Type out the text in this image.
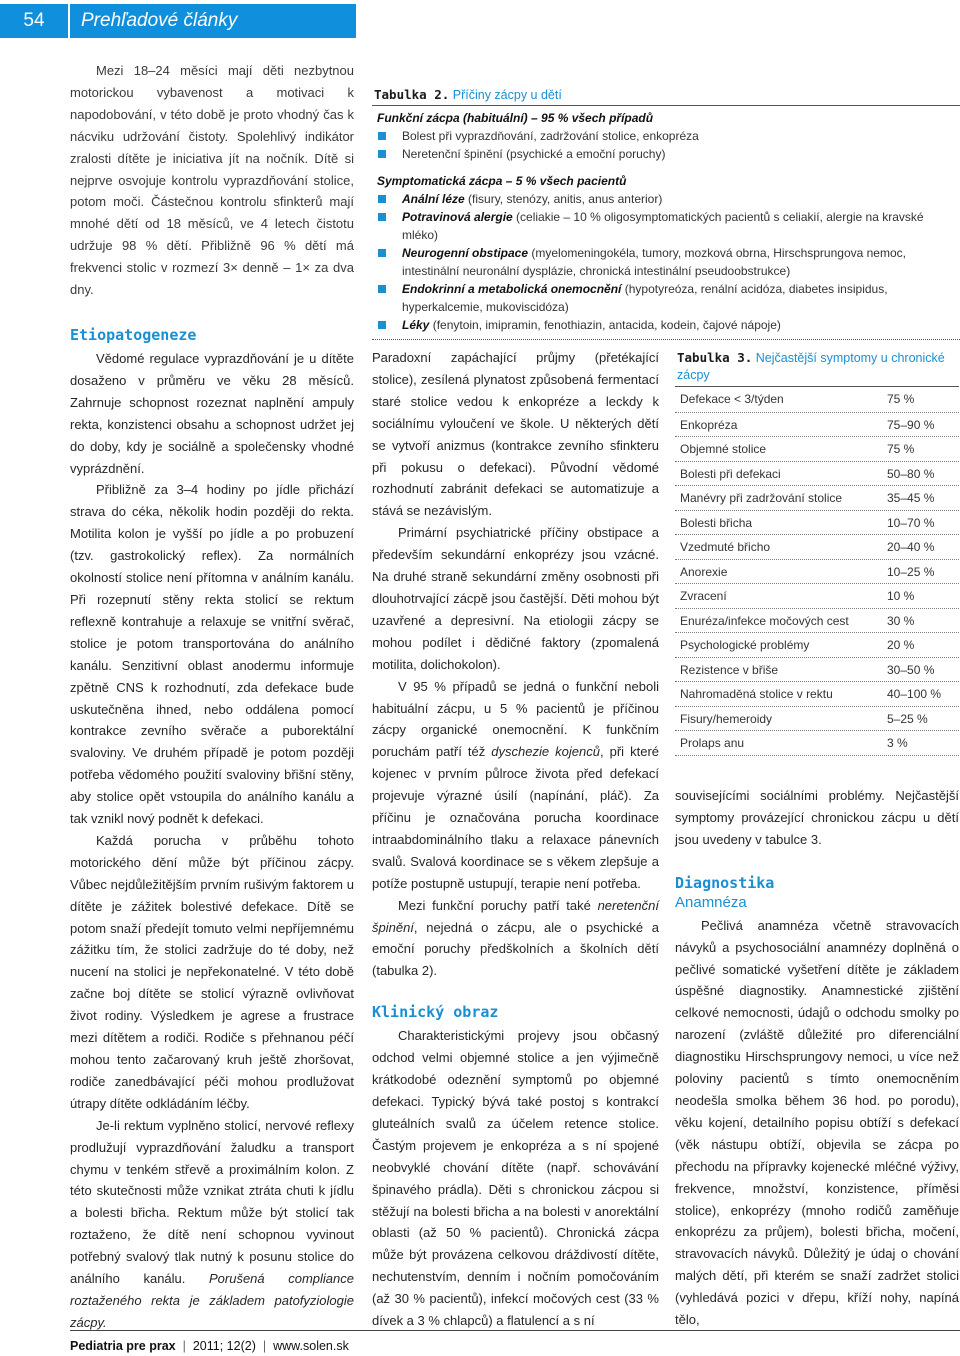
54	Prehľadové články

Mezi 18–24 měsíci mají děti nezbytnou motorickou vybavenost a motivaci k napodobování, v této době je proto vhodný čas k nácviku udržování čistoty. Spolehlivý indikátor zralosti dítěte je iniciativa jít na nočník. Dítě si nejprve osvojuje kontrolu vyprazdňování stolice, potom moči. Částečnou kontrolu sfinkterů mají mnohé dětí od 18 měsíců, ve 4 letech čistotu udržuje 98 % dětí. Přibližně 96 % dětí má frekvenci stolic v rozmezí 3× denně – 1× za dva dny.

Etiopatogeneze

Vědomé regulace vyprazdňování je u dítěte dosaženo v průměru ve věku 28 měsíců. Zahrnuje schopnost rozeznat naplnění ampuly rekta, konzistenci obsahu a schopnost udržet jej do doby, kdy je sociálně a společensky vhodné vyprázdnění.

Přibližně za 3–4 hodiny po jídle přichází strava do céka, několik hodin později do rekta. Motilita kolon je vyšší po jídle a po probuzení (tzv. gastrokolický reflex). Za normálních okolností stolice není přítomna v análním kanálu. Při rozepnutí stěny rekta stolicí se rektum reflexně kontrahuje a relaxuje se vnitřní svěrač, stolice je potom transportována do análního kanálu. Senzitivní oblast anodermu informuje zpětně CNS k rozhodnutí, zda defekace bude uskutečněna ihned, nebo oddálena pomocí kontrakce zevního svěrače a puborektální svaloviny. Ve druhém případě je potom později potřeba vědomého použití svaloviny břišní stěny, aby stolice opět vstoupila do análního kanálu a tak vznikl nový podnět k defekaci.

Každá porucha v průběhu tohoto motorického dění může být příčinou zácpy. Vůbec nejdůležitějším prvním rušivým faktorem u dítěte je zážitek bolestivé defekace. Dítě se potom snaží předejít tomuto velmi nepříjemnému zážitku tím, že stolici zadržuje do té doby, než nucení na stolici je nepřekonatelné. V této době začne boj dítěte se stolicí výrazně ovlivňovat život rodiny. Výsledkem je agrese a frustrace mezi dítětem a rodiči. Rodiče s přehnanou péčí mohou tento začarovaný kruh ještě zhoršovat, rodiče zanedbávající péči mohou prodlužovat útrapy dítěte odkládáním léčby.

Je-li rektum vyplněno stolicí, nervové reflexy prodlužují vyprazdňování žaludku a transport chymu v tenkém střevě a proximálním kolon. Z této skutečnosti může vznikat ztráta chuti k jídlu a bolesti břicha. Rektum může být stolicí tak roztaženo, že dítě není schopnou vyvinout potřebný svalový tlak nutný k posunu stolice do análního kanálu. Porušená compliance roztaženého rekta je základem patofyziologie zácpy.

Tabulka 2. Příčiny zácpy u dětí
Funkční zácpa (habituální) – 95 % všech případů
Bolest při vyprazdňování, zadržování stolice, enkopréza
Neretenční špinění (psychické a emoční poruchy)
Symptomatická zácpa – 5 % všech pacientů
Anální léze (fisury, stenózy, anitis, anus anterior)
Potravinová alergie (celiakie – 10 % oligosymptomatických pacientů s celiakií, alergie na kravské mléko)
Neurogenní obstipace (myelomeningokéla, tumory, mozková obrna, Hirschsprungova nemoc, intestinální neuronální dysplázie, chronická intestinální pseudoobstrukce)
Endokrinní a metabolická onemocnění (hypotyreóza, renální acidóza, diabetes insipidus, hyperkalcemie, mukoviscidóza)
Léky (fenytoin, imipramin, fenothiazin, antacida, kodein, čajové nápoje)

Paradoxní zapáchající průjmy (přetékající stolice), zesílená plynatost způsobená fermentací staré stolice vedou k enkopréze a leckdy k sociálnímu vyloučení ve škole. U některých dětí se vytvoří anizmus (kontrakce zevního sfinkteru při pokusu o defekaci). Původní vědomé rozhodnutí zabránit defekaci se automatizuje a stává se nezávislým.

Primární psychiatrické příčiny obstipace a především sekundární enkoprézy jsou vzácné. Na druhé straně sekundární změny osobnosti při dlouhotrvající zácpě jsou častější. Děti mohou být uzavřené a depresivní. Na etiologii zácpy se mohou podílet i dědičné faktory (zpomalená motilita, dolichokolon).

V 95 % případů se jedná o funkční neboli habituální zácpu, u 5 % pacientů je příčinou zácpy organické onemocnění. K funkčním poruchám patří též dyschezie kojenců, při které kojenec v prvním půlroce života před defekací projevuje výrazné úsilí (napínání, pláč). Za příčinu je označována porucha koordinace intraabdominálního tlaku a relaxace pánevních svalů. Svalová koordinace se s věkem zlepšuje a potíže postupně ustupují, terapie není potřeba.

Mezi funkční poruchy patří také neretenční špinění, nejedná o zácpu, ale o psychické a emoční poruchy předškolních a školních dětí (tabulka 2).

Klinický obraz

Charakteristickými projevy jsou občasný odchod velmi objemné stolice a jen výjimečně krátkodobé odeznění symptomů po objemné defekaci. Typický bývá také postoj s kontrakcí gluteálních svalů za účelem retence stolice. Častým projevem je enkopréza a s ní spojené neobvyklé chování dítěte (např. schovávání špinavého prádla). Děti s chronickou zácpou si stěžují na bolesti břicha a na bolesti v anorektální oblasti (až 50 % pacientů). Chronická zácpa může být provázena celkovou dráždivostí dítěte, nechutenstvím, denním i nočním pomočováním (až 30 % pacientů), infekcí močových cest (33 % dívek a 3 % chlapců) a flatulencí a s ní

Tabulka 3. Nejčastější symptomy u chronické zácpy
Defekace < 3/týden	75 %
Enkopréza	75–90 %
Objemné stolice	75 %
Bolesti při defekaci	50–80 %
Manévry při zadržování stolice	35–45 %
Bolesti břicha	10–70 %
Vzedmuté břicho	20–40 %
Anorexie	10–25 %
Zvracení	10 %
Enuréza/infekce močových cest	30 %
Psychologické problémy	20 %
Rezistence v břiše	30–50 %
Nahromaděná stolice v rektu	40–100 %
Fisury/hemeroidy	5–25 %
Prolaps anu	3 %

souvisejícími sociálními problémy. Nejčastější symptomy provázející chronickou zácpu u dětí jsou uvedeny v tabulce 3.

Diagnostika
Anamnéza

Pečlivá anamnéza včetně stravovacích návyků a psychosociální anamnézy doplněná o pečlivé somatické vyšetření dítěte je základem úspěšné diagnostiky. Anamnestické zjištění celkové nemocnosti, údajů o odchodu smolky po narození (zvláště důležité pro diferenciální diagnostiku Hirschsprungovy nemoci, u více než poloviny pacientů s tímto onemocněním neodešla smolka během 36 hod. po porodu), věku kojení, detailního popisu obtíží s defekací (věk nástupu obtíží, objevila se zácpa po přechodu na přípravky kojenecké mléčné výživy, frekvence, množství, konzistence, příměsi stolice), enkoprézy (mnoho rodičů zaměňuje enkoprézu za průjem), bolesti břicha, močení, stravovacích návyků. Důležitý je údaj o chování malých dětí, při kterém se snaží zadržet stolici (vyhledává pozici v dřepu, kříží nohy, napíná tělo,

Pediatria pre prax | 2011; 12(2) | www.solen.sk
